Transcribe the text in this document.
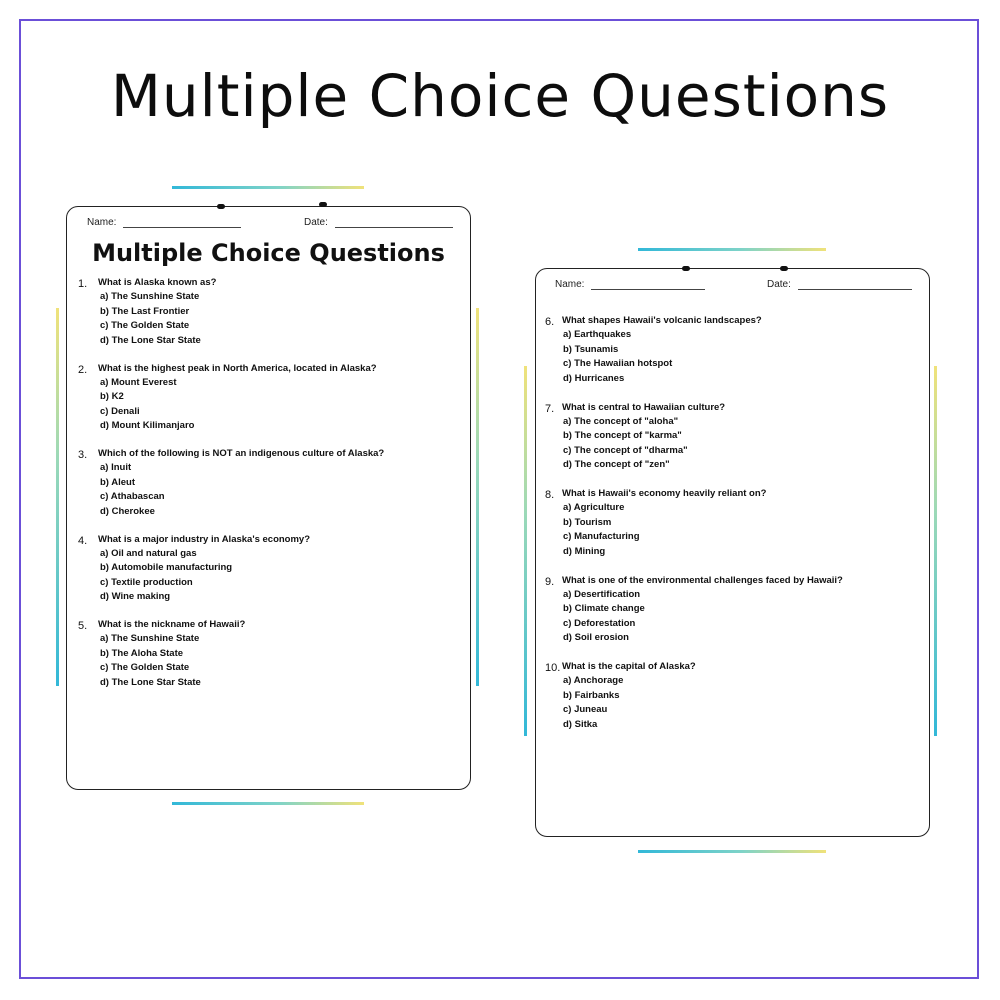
Multiple Choice Questions
Name:	Date:
Multiple Choice Questions
1. What is Alaska known as?
a) The Sunshine State
b) The Last Frontier
c) The Golden State
d) The Lone Star State
2. What is the highest peak in North America, located in Alaska?
a) Mount Everest
b) K2
c) Denali
d) Mount Kilimanjaro
3. Which of the following is NOT an indigenous culture of Alaska?
a) Inuit
b) Aleut
c) Athabascan
d) Cherokee
4. What is a major industry in Alaska's economy?
a) Oil and natural gas
b) Automobile manufacturing
c) Textile production
d) Wine making
5. What is the nickname of Hawaii?
a) The Sunshine State
b) The Aloha State
c) The Golden State
d) The Lone Star State
Name:	Date:
6. What shapes Hawaii's volcanic landscapes?
a) Earthquakes
b) Tsunamis
c) The Hawaiian hotspot
d) Hurricanes
7. What is central to Hawaiian culture?
a) The concept of "aloha"
b) The concept of "karma"
c) The concept of "dharma"
d) The concept of "zen"
8. What is Hawaii's economy heavily reliant on?
a) Agriculture
b) Tourism
c) Manufacturing
d) Mining
9. What is one of the environmental challenges faced by Hawaii?
a) Desertification
b) Climate change
c) Deforestation
d) Soil erosion
10. What is the capital of Alaska?
a) Anchorage
b) Fairbanks
c) Juneau
d) Sitka
